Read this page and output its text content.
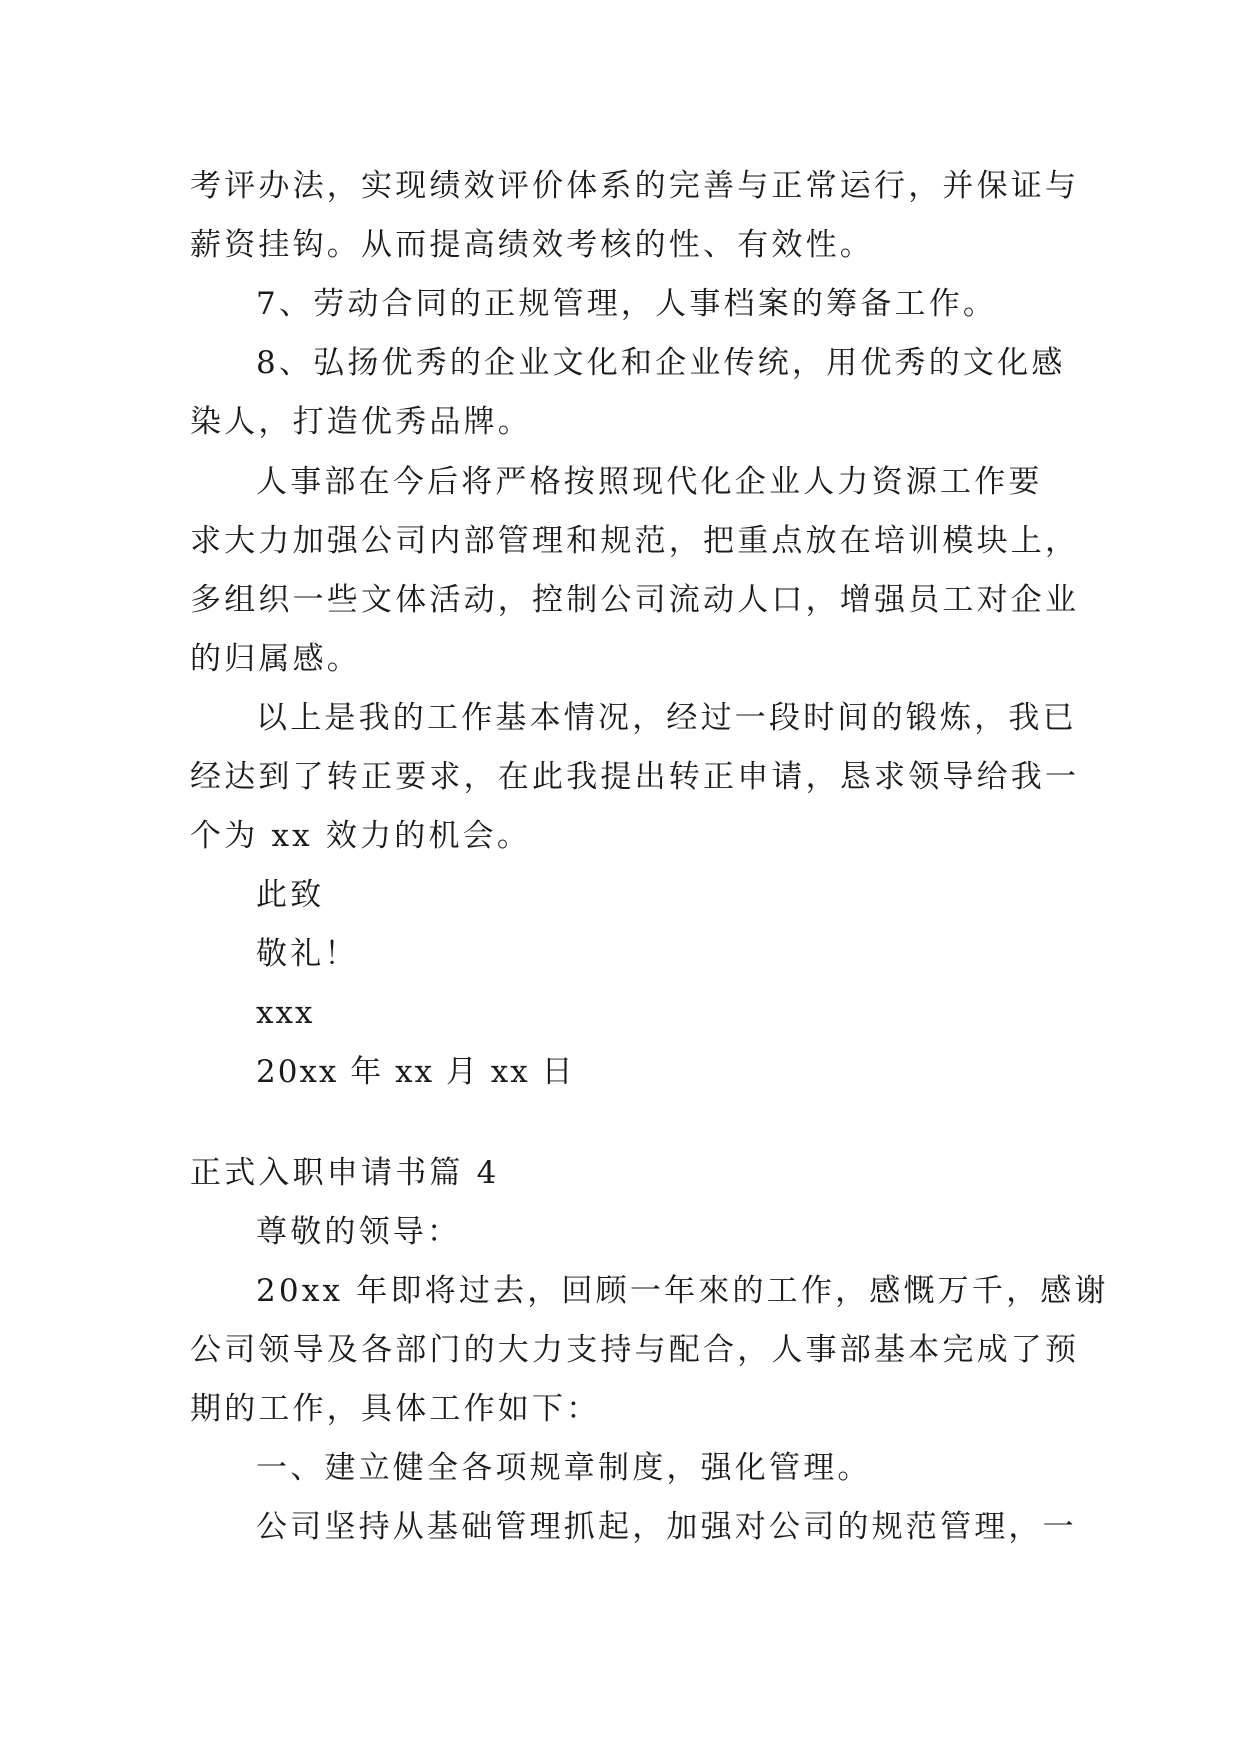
考评办法，实现绩效评价体系的完善与正常运行，并保证与
薪资挂钩。从而提高绩效考核的性、有效性。
7、劳动合同的正规管理，人事档案的筹备工作。
8、弘扬优秀的企业文化和企业传统，用优秀的文化感
染人，打造优秀品牌。
人事部在今后将严格按照现代化企业人力资源工作要
求大力加强公司内部管理和规范，把重点放在培训模块上，
多组织一些文体活动，控制公司流动人口，增强员工对企业
的归属感。
以上是我的工作基本情况，经过一段时间的锻炼，我已
经达到了转正要求，在此我提出转正申请，恳求领导给我一
个为 xx 效力的机会。
此致
敬礼！
xxx
20xx 年 xx 月 xx 日
正式入职申请书篇 4
尊敬的领导：
20xx 年即将过去，回顾一年來的工作，感慨万千，感谢
公司领导及各部门的大力支持与配合，人事部基本完成了预
期的工作，具体工作如下：
一、建立健全各项规章制度，强化管理。
公司坚持从基础管理抓起，加强对公司的规范管理，一
